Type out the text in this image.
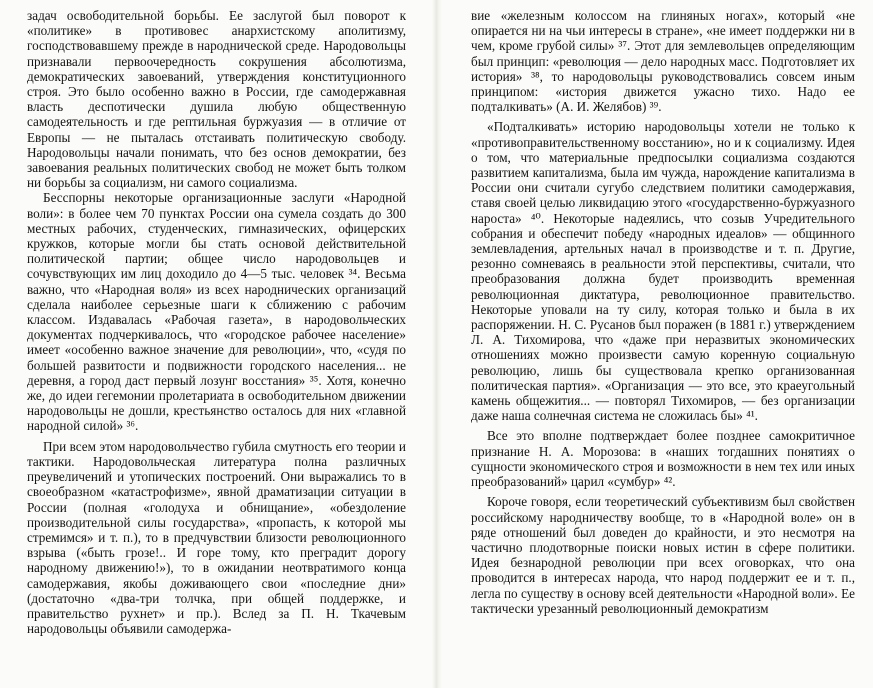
задач освободительной борьбы. Ее заслугой был поворот к «политике» в противовес анархистскому аполитизму, господствовавшему прежде в народнической среде. Народовольцы признавали первоочередность сокрушения абсолютизма, демократических завоеваний, утверждения конституционного строя. Это было особенно важно в России, где самодержавная власть деспотически душила любую общественную самодеятельность и где рептильная буржуазия — в отличие от Европы — не пыталась отстаивать политическую свободу. Народовольцы начали понимать, что без основ демократии, без завоевания реальных политических свобод не может быть толком ни борьбы за социализм, ни самого социализма.

Бесспорны некоторые организационные заслуги «Народной воли»: в более чем 70 пунктах России она сумела создать до 300 местных рабочих, студенческих, гимназических, офицерских кружков, которые могли бы стать основой действительной политической партии; общее число народовольцев и сочувствующих им лиц доходило до 4—5 тыс. человек ³⁴. Весьма важно, что «Народная воля» из всех народнических организаций сделала наиболее серьезные шаги к сближению с рабочим классом. Издавалась «Рабочая газета», в народовольческих документах подчеркивалось, что «городское рабочее население» имеет «особенно важное значение для революции», что, «судя по большей развитости и подвижности городского населения... не деревня, а город даст первый лозунг восстания» ³⁵. Хотя, конечно же, до идеи гегемонии пролетариата в освободительном движении народовольцы не дошли, крестьянство осталось для них «главной народной силой» ³⁶.

При всем этом народовольчество губила смутность его теории и тактики. Народовольческая литература полна различных преувеличений и утопических построений. Они выражались то в своеобразном «катастрофизме», явной драматизации ситуации в России (полная «голодуха и обнищание», «обездоление производительной силы государства», «пропасть, к которой мы стремимся» и т. п.), то в предчувствии близости революционного взрыва («быть грозе!.. И горе тому, кто преградит дорогу народному движению!»), то в ожидании неотвратимого конца самодержавия, якобы доживающего свои «последние дни» (достаточно «два-три толчка, при общей поддержке, и правительство рухнет» и пр.). Вслед за П. Н. Ткачевым народовольцы объявили самодержа-

вие «железным колоссом на глиняных ногах», который «не опирается ни на чьи интересы в стране», «не имеет поддержки ни в чем, кроме грубой силы» ³⁷. Этот для землевольцев определяющим был принцип: «революция — дело народных масс. Подготовляет их история» ³⁸, то народовольцы руководствовались совсем иным принципом: «история движется ужасно тихо. Надо ее подталкивать» (А. И. Желябов) ³⁹.

«Подталкивать» историю народовольцы хотели не только к «противоправительственному восстанию», но и к социализму. Идея о том, что материальные предпосылки социализма создаются развитием капитализма, была им чужда, нарождение капитализма в России они считали сугубо следствием политики самодержавия, ставя своей целью ликвидацию этого «государственно-буржуазного нароста» ⁴⁰. Некоторые надеялись, что созыв Учредительного собрания и обеспечит победу «народных идеалов» — общинного землевладения, артельных начал в производстве и т. п. Другие, резонно сомневаясь в реальности этой перспективы, считали, что преобразования должна будет производить временная революционная диктатура, революционное правительство. Некоторые уповали на ту силу, которая только и была в их распоряжении. Н. С. Русанов был поражен (в 1881 г.) утверждением Л. А. Тихомирова, что «даже при неразвитых экономических отношениях можно произвести самую коренную социальную революцию, лишь бы существовала крепко организованная политическая партия». «Организация — это все, это краеугольный камень общежития... — повторял Тихомиров, — без организации даже наша солнечная система не сложилась бы» ⁴¹.

Все это вполне подтверждает более позднее самокритичное признание Н. А. Морозова: в «наших тогдашних понятиях о сущности экономического строя и возможности в нем тех или иных преобразований» царил «сумбур» ⁴².

Короче говоря, если теоретический субъективизм был свойствен российскому народничеству вообще, то в «Народной воле» он в ряде отношений был доведен до крайности, и это несмотря на частично плодотворные поиски новых истин в сфере политики. Идея безнародной революции при всех оговорках, что она проводится в интересах народа, что народ поддержит ее и т. п., легла по существу в основу всей деятельности «Народной воли». Ее тактически урезанный революционный демократизм
